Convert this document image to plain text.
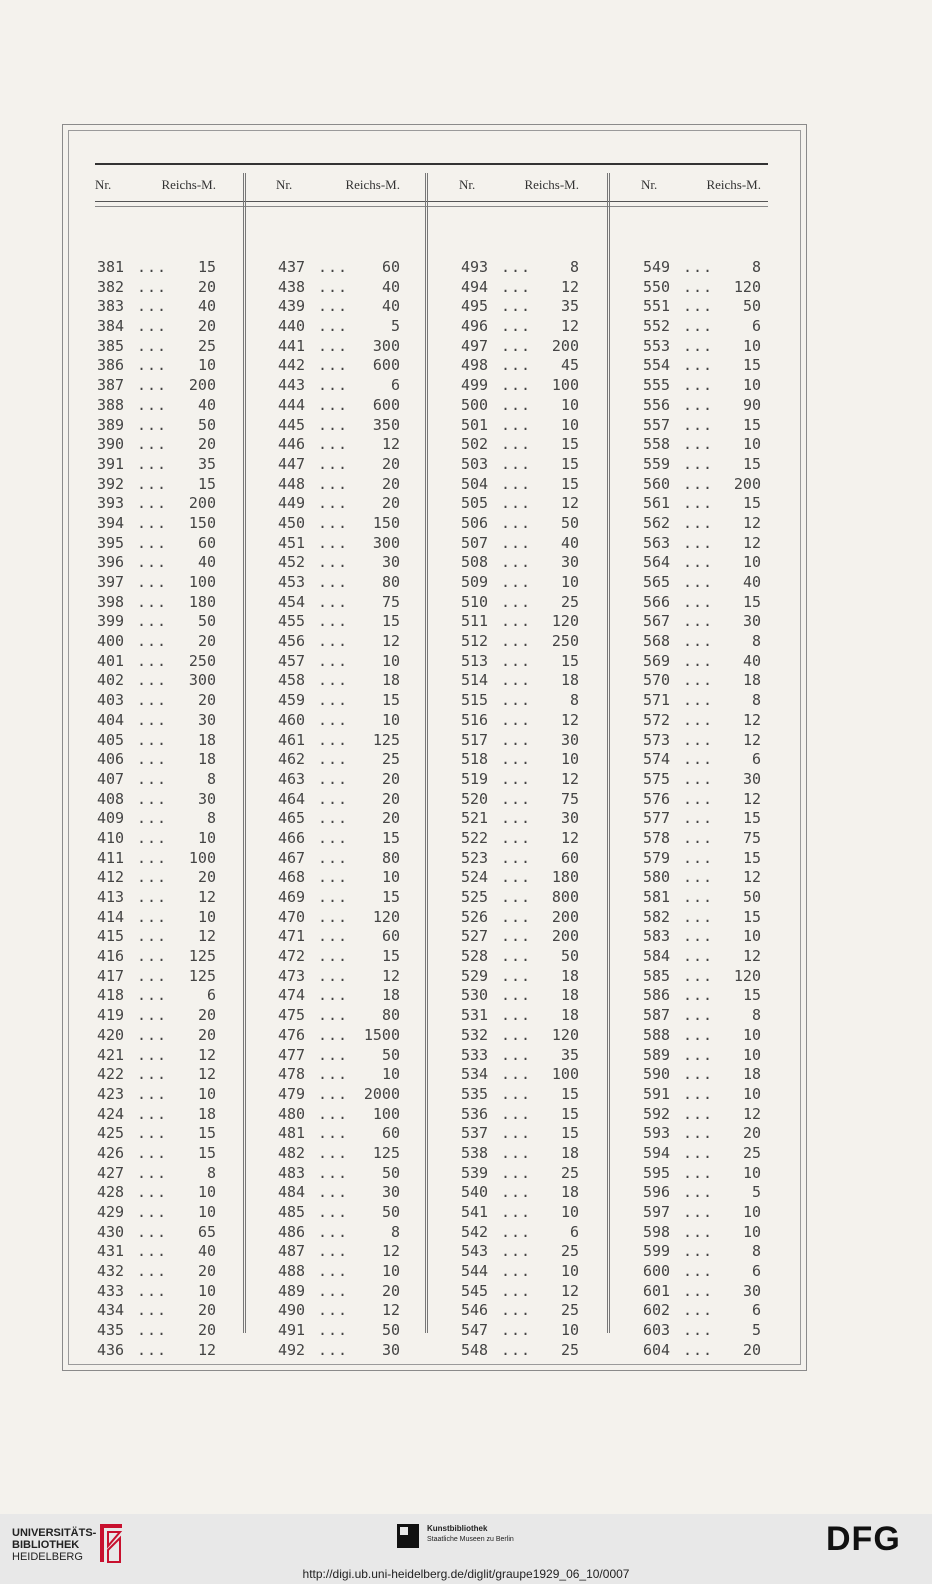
Nr.	Reichs-M.
381 ... 15
382 ... 20
383 ... 40
384 ... 20
385 ... 25
386 ... 10
387 ... 200
388 ... 40
389 ... 50
390 ... 20
391 ... 35
392 ... 15
393 ... 200
394 ... 150
395 ... 60
396 ... 40
397 ... 100
398 ... 180
399 ... 50
400 ... 20
401 ... 250
402 ... 300
403 ... 20
404 ... 30
405 ... 18
406 ... 18
407 ...	8
408 ... 30
409 ...	8
410 ... 10
411 ... 100
412 ... 20
413 ... 12
414 ... 10
415 ... 12
416 ... 125
417 ... 125
418 ...	6
419 ... 20
420 ... 20
421 ... 12
422 ... 12
423 ... 10
424 ... 18
425 ... 15
426 ... 15
427 ...	8
428 ... 10
429 ... 10
430 ... 65
431 ... 40
432 ... 20
433 ... 10
434 ... 20
435 ... 20
436 ... 12
Nr.	Reichs-M.
437 ... 60
438 ... 40
439 ... 40
440 ...	5
441 ... 300
442 ... 600
443 ...	6
444 ... 600
445 ... 350
446 ... 12
447 ... 20
448 ... 20
449 ... 20
450 ... 150
451 ... 300
452 ... 30
453 ... 80
454 ... 75
455 ... 15
456 ... 12
457 ... 10
458 ... 18
459 ... 15
460 ... 10
461 ... 125
462 ... 25
463 ... 20
464 ... 20
465 ... 20
466 ... 15
467 ... 80
468 ... 10
469 ... 15
470 ... 120
471 ... 60
472 ... 15
473 ... 12
474 ... 18
475 ... 80
476 ... 1500
477 ... 50
478 ... 10
479 ... 2000
480 ... 100
481 ... 60
482 ... 125
483 ... 50
484 ... 30
485 ... 50
486 ...	8
487 ... 12
488 ... 10
489 ... 20
490 ... 12
491 ... 50
492 ... 30
Nr.	Reichs-M.
493 ...	8
494 ... 12
495 ... 35
496 ... 12
497 ... 200
498 ... 45
499 ... 100
500 ... 10
501 ... 10
502 ... 15
503 ... 15
504 ... 15
505 ... 12
506 ... 50
507 ... 40
508 ... 30
509 ... 10
510 ... 25
511 ... 120
512 ... 250
513 ... 15
514 ... 18
515 ...	8
516 ... 12
517 ... 30
518 ... 10
519 ... 12
520 ... 75
521 ... 30
522 ... 12
523 ... 60
524 ... 180
525 ... 800
526 ... 200
527 ... 200
528 ... 50
529 ... 18
530 ... 18
531 ... 18
532 ... 120
533 ... 35
534 ... 100
535 ... 15
536 ... 15
537 ... 15
538 ... 18
539 ... 25
540 ... 18
541 ... 10
542 ...	6
543 ... 25
544 ... 10
545 ... 12
546 ... 25
547 ... 10
548 ... 25
Nr.	Reichs-M.
549 ...	8
550 ... 120
551 ... 50
552 ...	6
553 ... 10
554 ... 15
555 ... 10
556 ... 90
557 ... 15
558 ... 10
559 ... 15
560 ... 200
561 ... 15
562 ... 12
563 ... 12
564 ... 10
565 ... 40
566 ... 15
567 ... 30
568 ...	8
569 ... 40
570 ... 18
571 ...	8
572 ... 12
573 ... 12
574 ...	6
575 ... 30
576 ... 12
577 ... 15
578 ... 75
579 ... 15
580 ... 12
581 ... 50
582 ... 15
583 ... 10
584 ... 12
585 ... 120
586 ... 15
587 ...	8
588 ... 10
589 ... 10
590 ... 18
591 ... 10
592 ... 12
593 ... 20
594 ... 25
595 ... 10
596 ...	5
597 ... 10
598 ... 10
599 ...	8
600 ...	6
601 ... 30
602 ...	6
603 ...	5
604 ... 20
UNIVERSITÄTS-
BIBLIOTHEK
HEIDELBERG
Kunstbibliothek
Staatliche Museen zu Berlin	DFG
http://digi.ub.uni-heidelberg.de/diglit/graupe1929_06_10/0007
